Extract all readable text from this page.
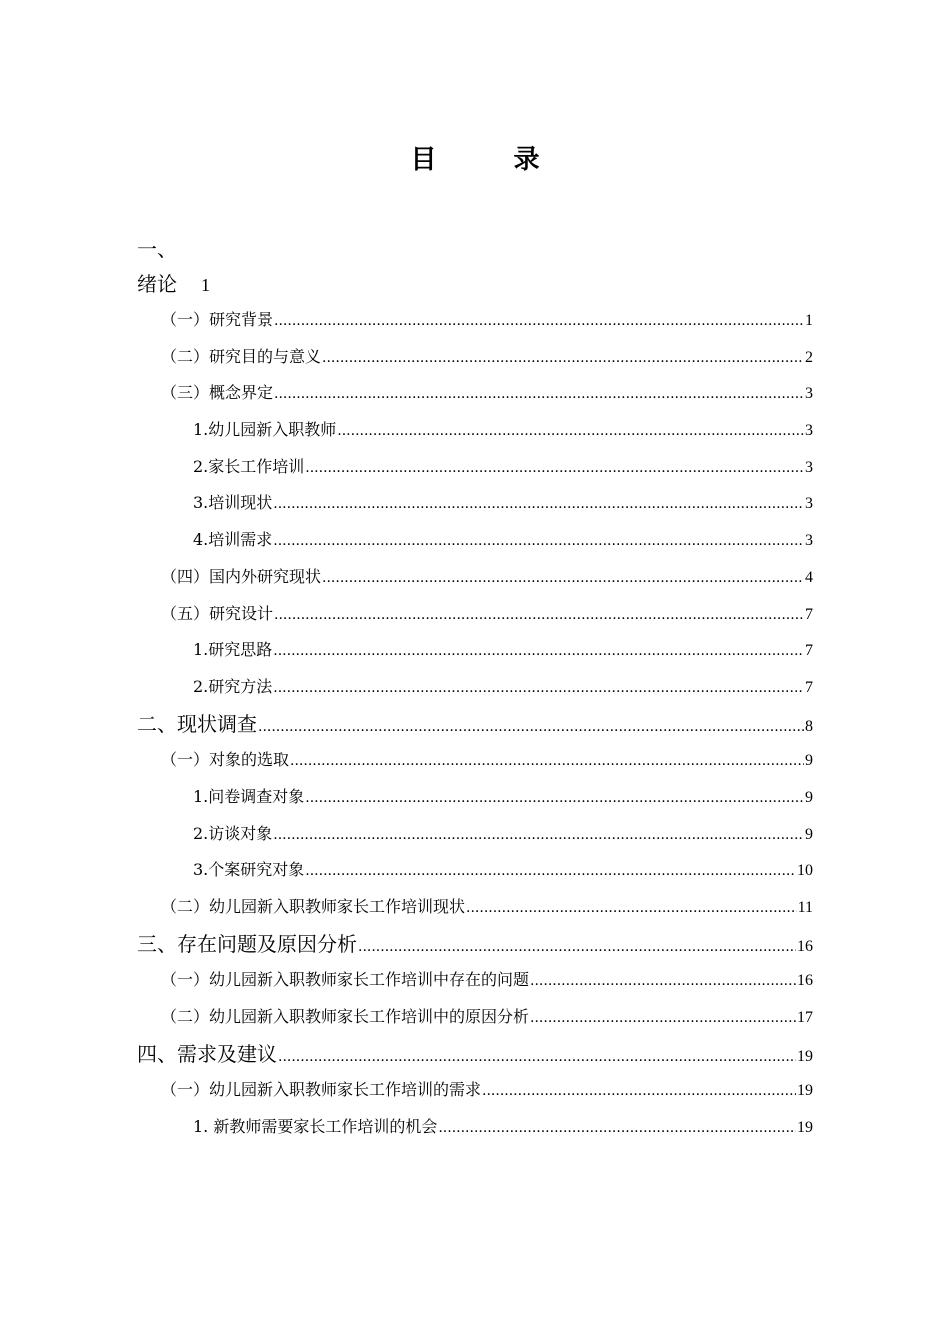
目 录
一、
绪论 1
（一）研究背景 .....	1
（二）研究目的与意义 .....	2
（三）概念界定 .....	3
1.幼儿园新入职教师 .....	3
2.家长工作培训 .....	3
3.培训现状 .....	3
4.培训需求 .....	3
（四）国内外研究现状 .....	4
（五）研究设计 .....	7
1.研究思路 .....	7
2.研究方法 .....	7
二、现状调查 .....	8
（一）对象的选取 .....	9
1.问卷调查对象 .....	9
2.访谈对象 .....	9
3.个案研究对象 .....	10
（二）幼儿园新入职教师家长工作培训现状 .....	11
三、存在问题及原因分析 .....	16
（一）幼儿园新入职教师家长工作培训中存在的问题 .....	16
（二）幼儿园新入职教师家长工作培训中的原因分析 .....	17
四、需求及建议 .....	19
（一）幼儿园新入职教师家长工作培训的需求 .....	19
1. 新教师需要家长工作培训的机会 .....	19
